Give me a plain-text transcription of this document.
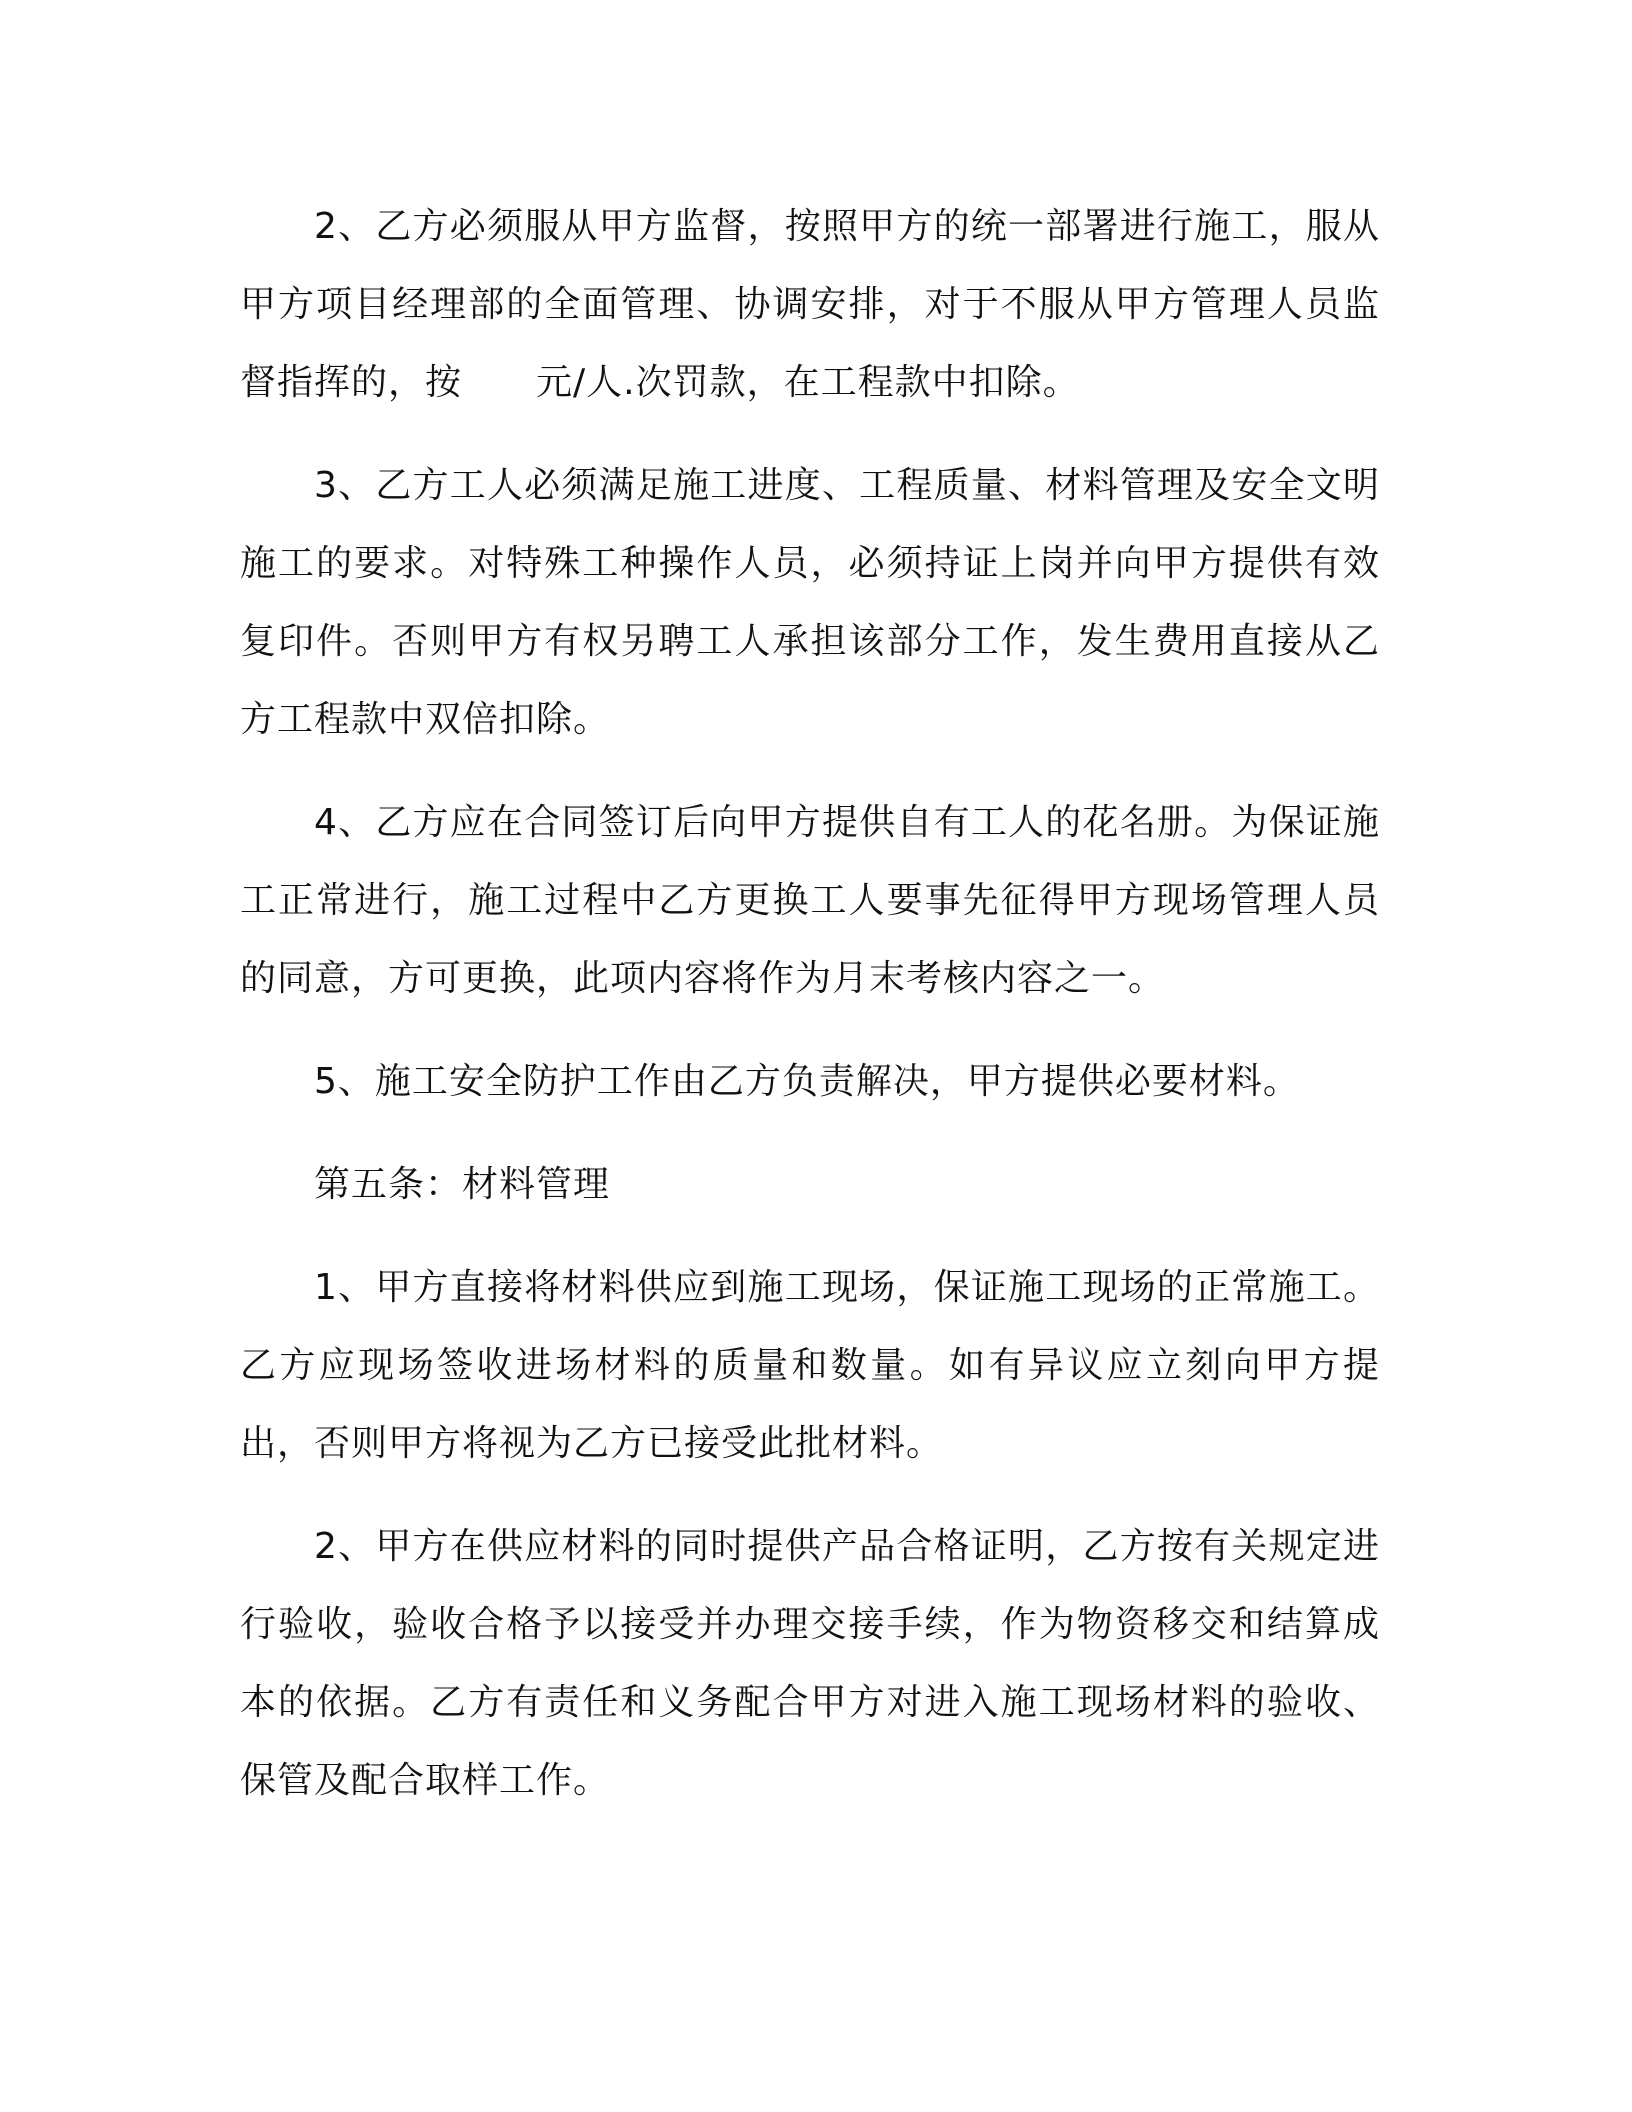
2、乙方必须服从甲方监督，按照甲方的统一部署进行施工，服从甲方项目经理部的全面管理、协调安排，对于不服从甲方管理人员监督指挥的，按　　元/人.次罚款，在工程款中扣除。

3、乙方工人必须满足施工进度、工程质量、材料管理及安全文明施工的要求。对特殊工种操作人员，必须持证上岗并向甲方提供有效复印件。否则甲方有权另聘工人承担该部分工作，发生费用直接从乙方工程款中双倍扣除。

4、乙方应在合同签订后向甲方提供自有工人的花名册。为保证施工正常进行，施工过程中乙方更换工人要事先征得甲方现场管理人员的同意，方可更换，此项内容将作为月末考核内容之一。

5、施工安全防护工作由乙方负责解决，甲方提供必要材料。

第五条：材料管理

1、甲方直接将材料供应到施工现场，保证施工现场的正常施工。乙方应现场签收进场材料的质量和数量。如有异议应立刻向甲方提出，否则甲方将视为乙方已接受此批材料。

2、甲方在供应材料的同时提供产品合格证明，乙方按有关规定进行验收，验收合格予以接受并办理交接手续，作为物资移交和结算成本的依据。乙方有责任和义务配合甲方对进入施工现场材料的验收、保管及配合取样工作。
